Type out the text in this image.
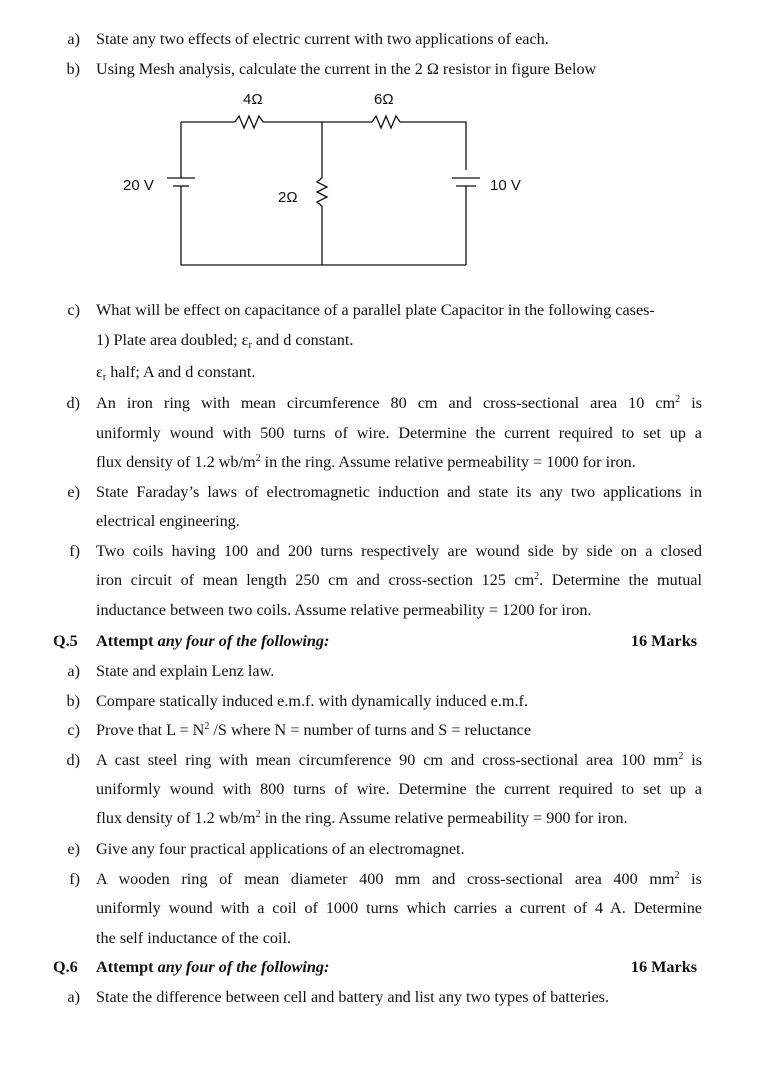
a) State any two effects of electric current with two applications of each.
b) Using Mesh analysis, calculate the current in the 2 Ω resistor in figure Below
4Ω	6Ω
2Ω
20 V	10 V
c) What will be effect on capacitance of a parallel plate Capacitor in the following cases-
1) Plate area doubled; $\varepsilon_r$ and d constant.
$\varepsilon_r$ half; A and d constant.
d) An iron ring with mean circumference 80 cm and cross-sectional area 10 $cm^2$ is
uniformly wound with 500 turns of wire. Determine the current required to set up a
flux density of 1.2 $wb/m^2$ in the ring. Assume relative permeability = 1000 for iron.
e) State Faraday’s laws of electromagnetic induction and state its any two applications in
electrical engineering.
f) Two coils having 100 and 200 turns respectively are wound side by side on a closed
iron circuit of mean length 250 cm and cross-section 125 $cm^2$. Determine the mutual
inductance between two coils. Assume relative permeability = 1200 for iron.
Q.5 Attempt any four of the following:	16 Marks
a) State and explain Lenz law.
b) Compare statically induced e.m.f. with dynamically induced e.m.f.
c) Prove that $L = N^2$ /S where N = number of turns and S = reluctance
d) A cast steel ring with mean circumference 90 cm and cross-sectional area 100 $mm^2$ is
uniformly wound with 800 turns of wire. Determine the current required to set up a
flux density of 1.2 $wb/m^2$ in the ring. Assume relative permeability = 900 for iron.
e) Give any four practical applications of an electromagnet.
f) A wooden ring of mean diameter 400 mm and cross-sectional area 400 $mm^2$ is
uniformly wound with a coil of 1000 turns which carries a current of 4 A. Determine
the self inductance of the coil.
Q.6 Attempt any four of the following:	16 Marks
a) State the difference between cell and battery and list any two types of batteries.
